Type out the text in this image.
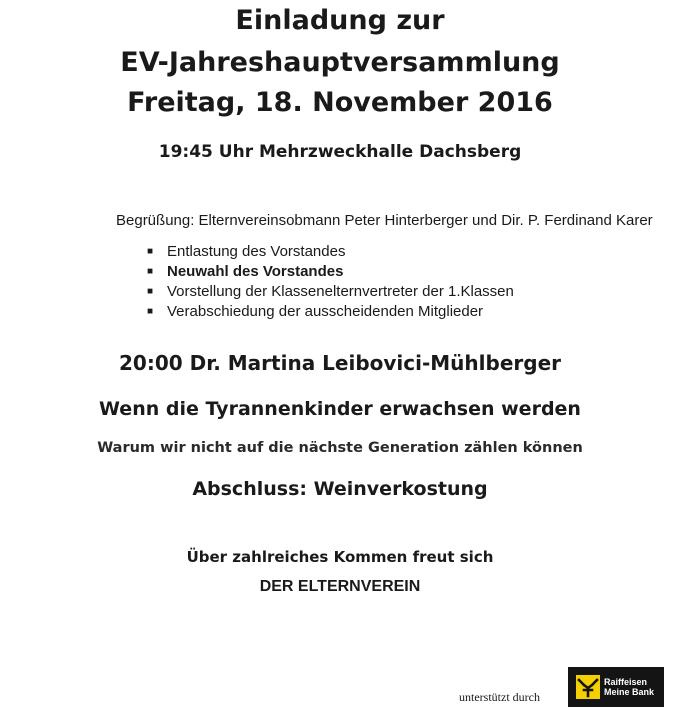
Einladung zur
EV-Jahreshauptversammlung
Freitag, 18. November 2016
19:45 Uhr Mehrzweckhalle Dachsberg
Begrüßung: Elternvereinsobmann Peter Hinterberger und Dir. P. Ferdinand Karer
■ Entlastung des Vorstandes
■ Neuwahl des Vorstandes
■ Vorstellung der Klassenelternvertreter der 1.Klassen
■ Verabschiedung der ausscheidenden Mitglieder
20:00 Dr. Martina Leibovici-Mühlberger
Wenn die Tyrannenkinder erwachsen werden
Warum wir nicht auf die nächste Generation zählen können
Abschluss: Weinverkostung
Über zahlreiches Kommen freut sich
DER ELTERNVEREIN
unterstützt durch
Raiffeisen
Meine Bank
